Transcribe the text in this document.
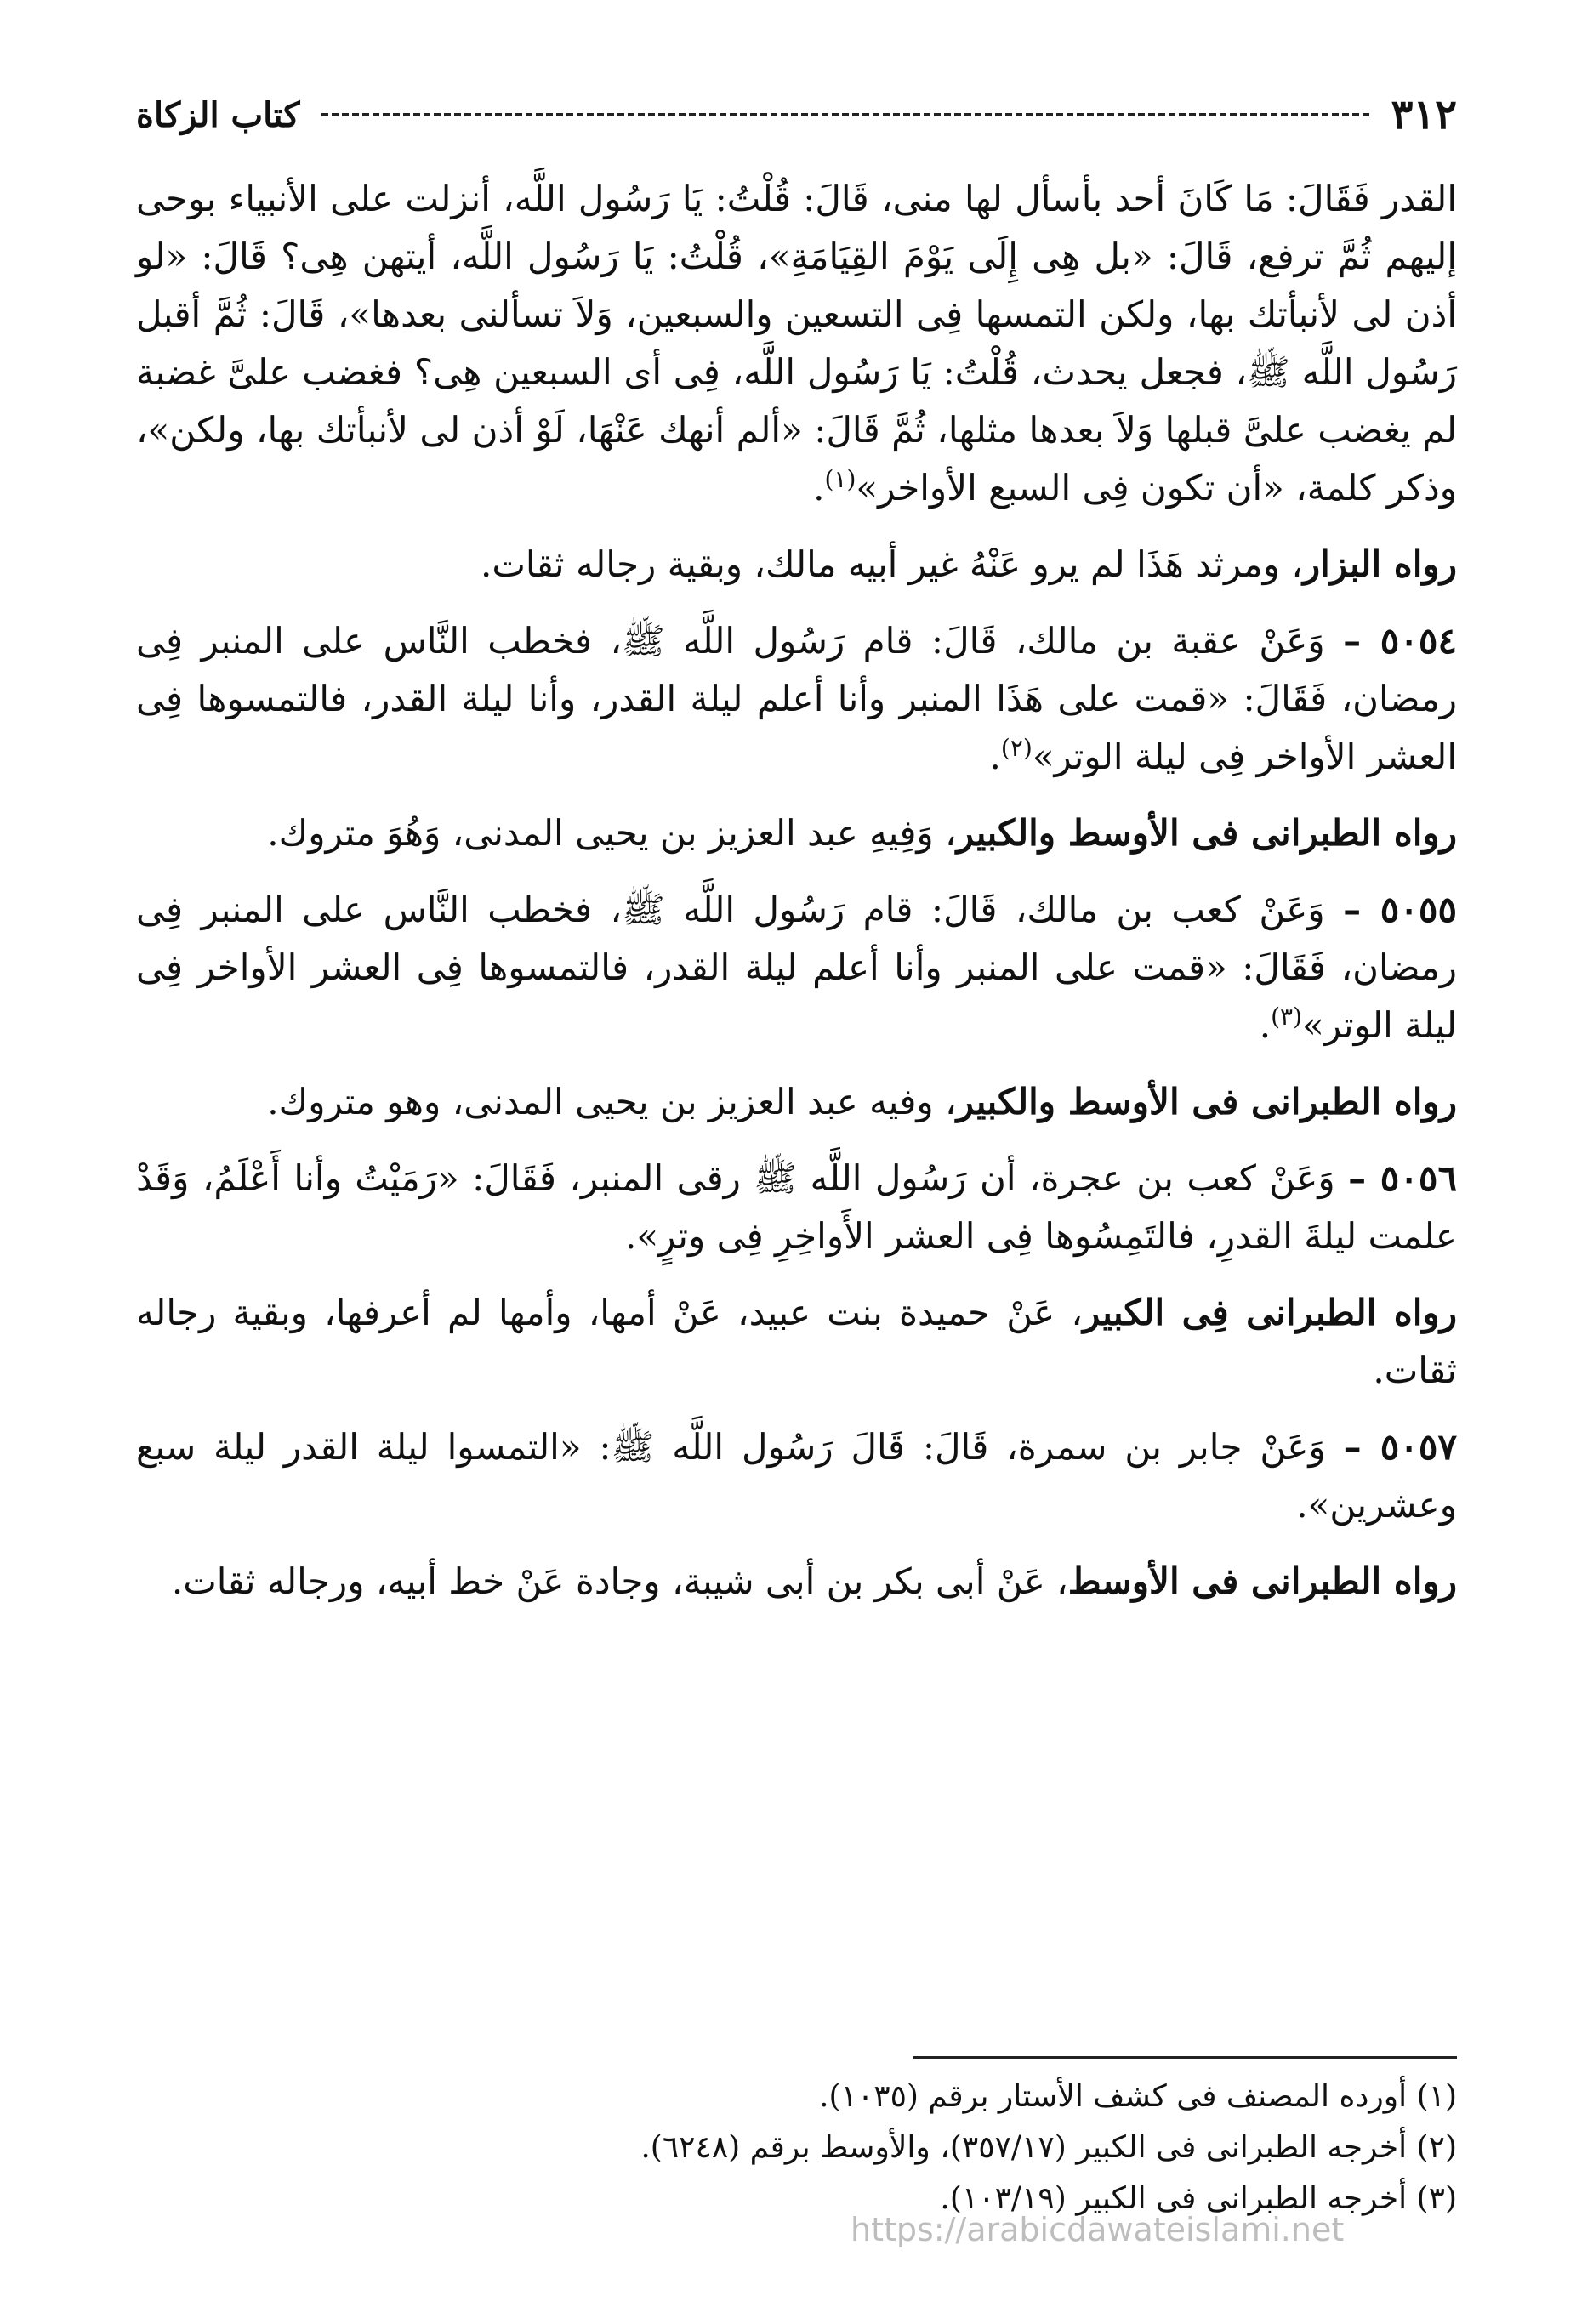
٣١٢
كتاب الزكاة

القدر فَقَالَ: مَا كَانَ أحد بأسأل لها منى، قَالَ: قُلْتُ: يَا رَسُول اللَّه، أنزلت على الأنبياء بوحى إليهم ثُمَّ ترفع، قَالَ: «بل هِى إِلَى يَوْمَ القِيَامَةِ»، قُلْتُ: يَا رَسُول اللَّه، أيتهن هِى؟ قَالَ: «لو أذن لى لأنبأتك بها، ولكن التمسها فِى التسعين والسبعين، وَلاَ تسألنى بعدها»، قَالَ: ثُمَّ أقبل رَسُول اللَّه ﷺ، فجعل يحدث، قُلْتُ: يَا رَسُول اللَّه، فِى أى السبعين هِى؟ فغضب علىَّ غضبة لم يغضب علىَّ قبلها وَلاَ بعدها مثلها، ثُمَّ قَالَ: «ألم أنهك عَنْهَا، لَوْ أذن لى لأنبأتك بها، ولكن»، وذكر كلمة، «أن تكون فِى السبع الأواخر»$^{(١)}$.

رواه البزار، ومرثد هَذَا لم يرو عَنْهُ غير أبيه مالك، وبقية رجاله ثقات.

٥٠٥٤ – وَعَنْ عقبة بن مالك، قَالَ: قام رَسُول اللَّه ﷺ، فخطب النَّاس على المنبر فِى رمضان، فَقَالَ: «قمت على هَذَا المنبر وأنا أعلم ليلة القدر، وأنا ليلة القدر، فالتمسوها فِى العشر الأواخر فِى ليلة الوتر»$^{(٢)}$.

رواه الطبرانى فى الأوسط والكبير، وَفِيهِ عبد العزيز بن يحيى المدنى، وَهُوَ متروك.

٥٠٥٥ – وَعَنْ كعب بن مالك، قَالَ: قام رَسُول اللَّه ﷺ، فخطب النَّاس على المنبر فِى رمضان، فَقَالَ: «قمت على المنبر وأنا أعلم ليلة القدر، فالتمسوها فِى العشر الأواخر فِى ليلة الوتر»$^{(٣)}$.

رواه الطبرانى فى الأوسط والكبير، وفيه عبد العزيز بن يحيى المدنى، وهو متروك.

٥٠٥٦ – وَعَنْ كعب بن عجرة، أن رَسُول اللَّه ﷺ رقى المنبر، فَقَالَ: «رَمَيْتُ وأنا أَعْلَمُ، وَقَدْ علمت ليلةَ القدرِ، فالتَمِسُوها فِى العشر الأَواخِرِ فِى وترٍ».

رواه الطبرانى فِى الكبير، عَنْ حميدة بنت عبيد، عَنْ أمها، وأمها لم أعرفها، وبقية رجاله ثقات.

٥٠٥٧ – وَعَنْ جابر بن سمرة، قَالَ: قَالَ رَسُول اللَّه ﷺ: «التمسوا ليلة القدر ليلة سبع وعشرين».

رواه الطبرانى فى الأوسط، عَنْ أبى بكر بن أبى شيبة، وجادة عَنْ خط أبيه، ورجاله ثقات.

(١) أورده المصنف فى كشف الأستار برقم (١٠٣٥).
(٢) أخرجه الطبرانى فى الكبير (٣٥٧/١٧)، والأوسط برقم (٦٢٤٨).
(٣) أخرجه الطبرانى فى الكبير (١٠٣/١٩).
https://arabicdawateislami.net
